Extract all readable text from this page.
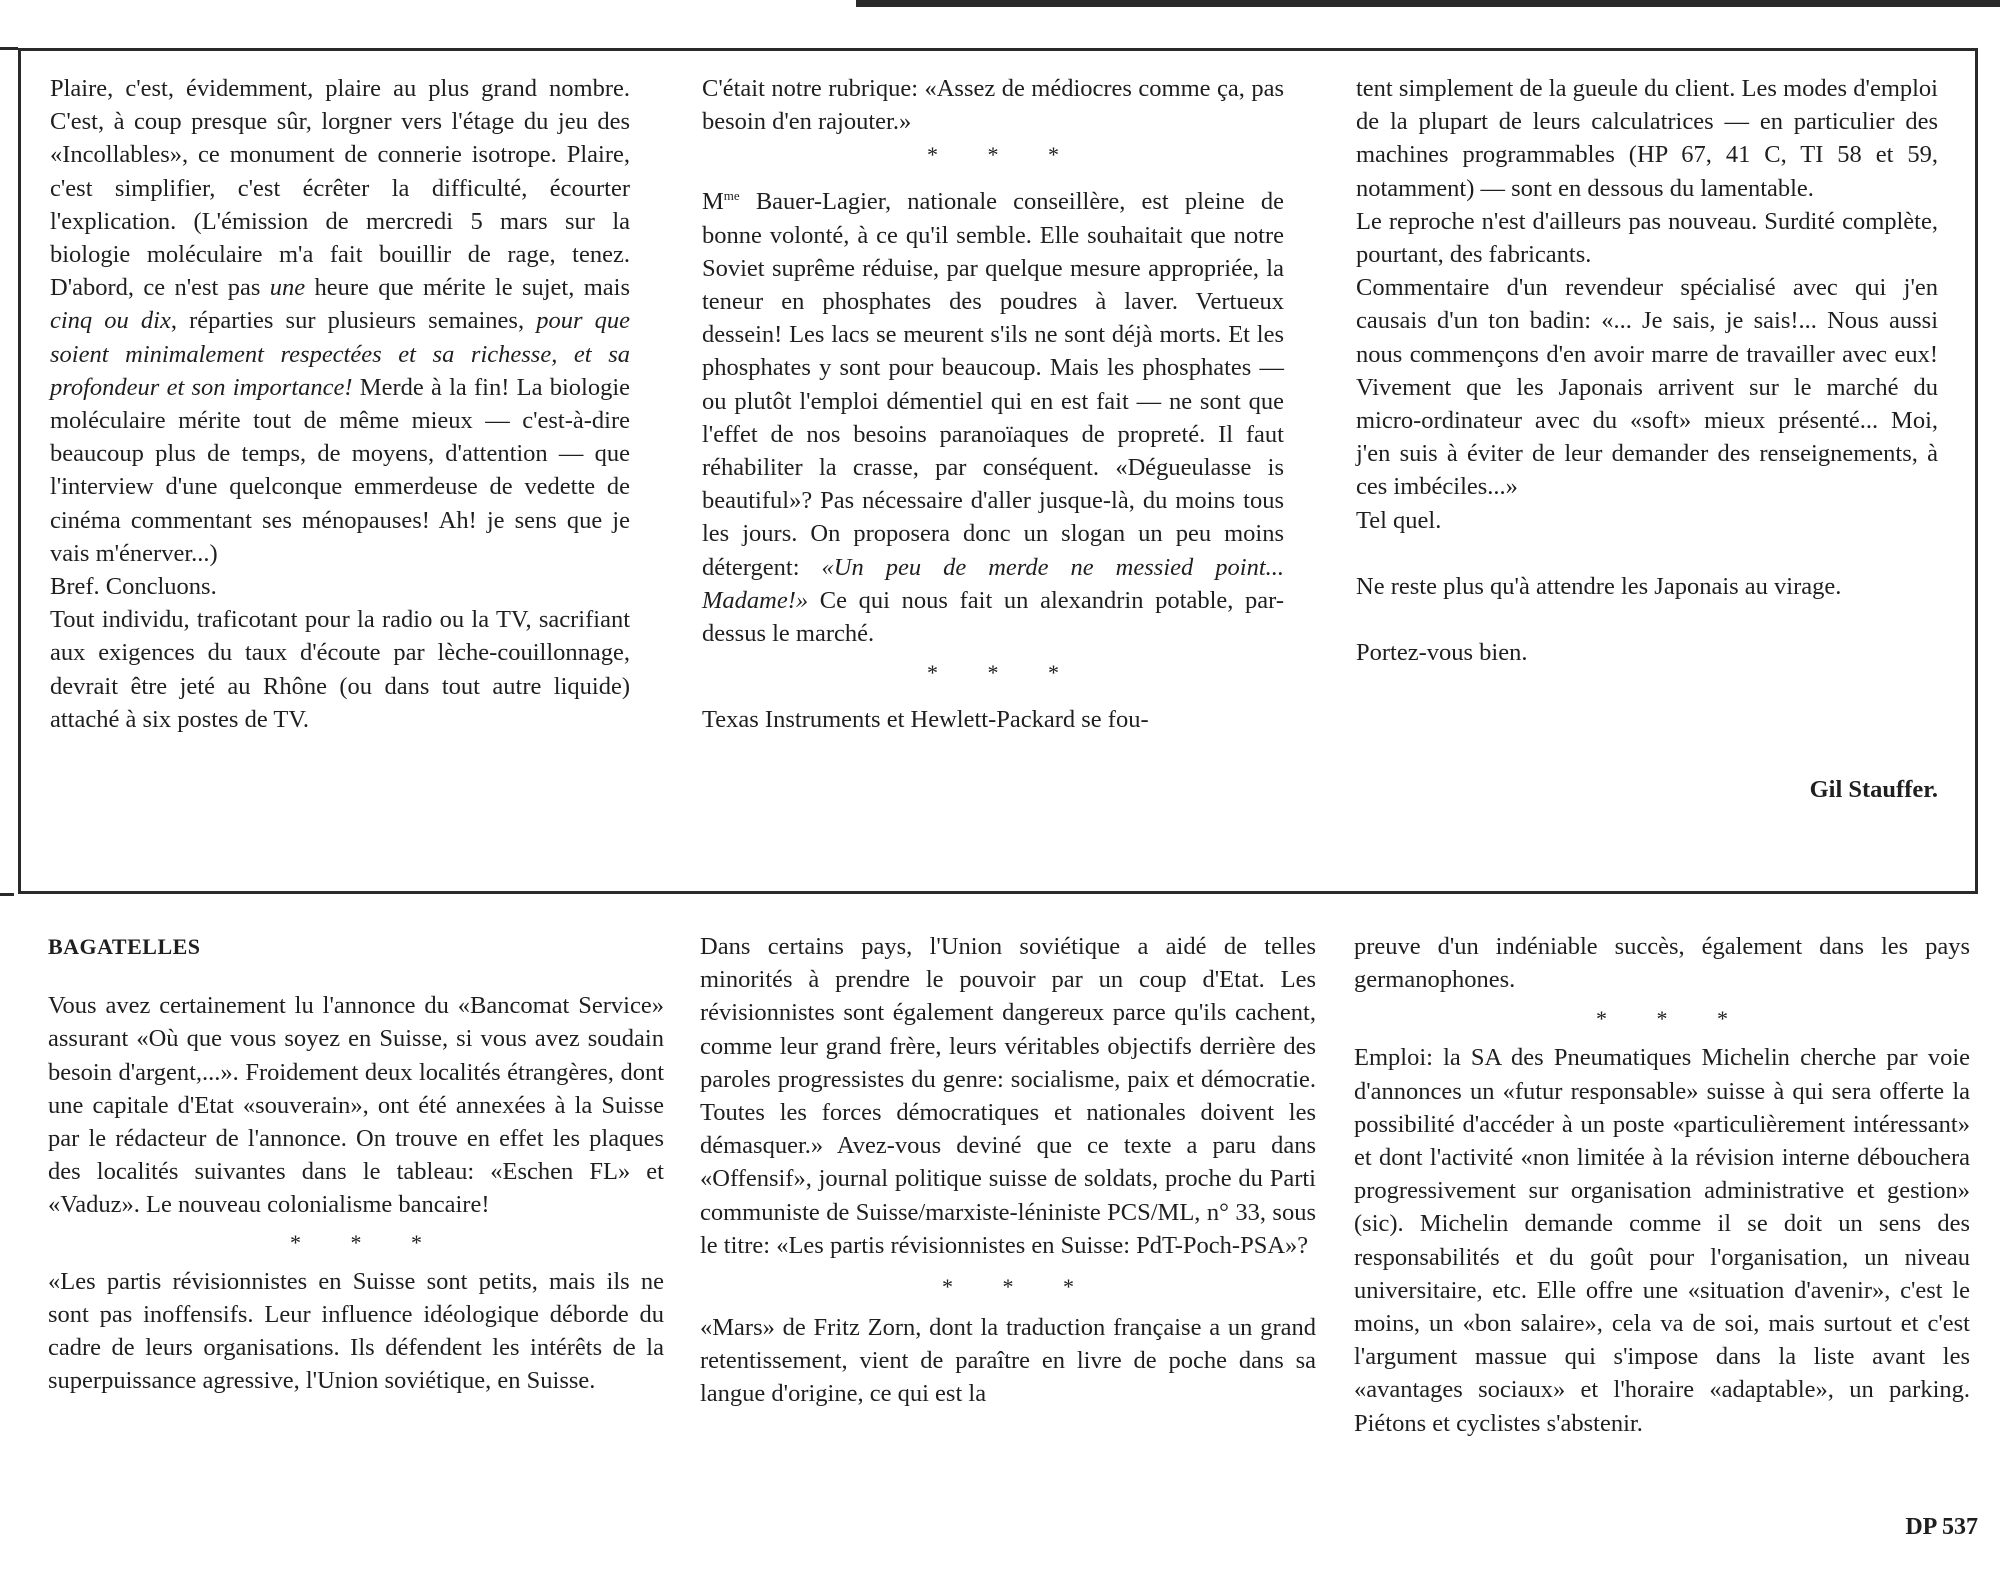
Plaire, c'est, évidemment, plaire au plus grand nombre. C'est, à coup presque sûr, lorgner vers l'étage du jeu des «Incollables», ce monument de connerie isotrope. Plaire, c'est simplifier, c'est écrêter la difficulté, écourter l'explication. (L'émission de mercredi 5 mars sur la biologie moléculaire m'a fait bouillir de rage, tenez. D'abord, ce n'est pas une heure que mérite le sujet, mais cinq ou dix, réparties sur plusieurs semaines, pour que soient minimalement respectées et sa richesse, et sa profondeur et son importance! Merde à la fin! La biologie moléculaire mérite tout de même mieux — c'est-à-dire beaucoup plus de temps, de moyens, d'attention — que l'interview d'une quelconque emmerdeuse de vedette de cinéma commentant ses ménopauses! Ah! je sens que je vais m'énerver...)

Bref. Concluons.

Tout individu, traficotant pour la radio ou la TV, sacrifiant aux exigences du taux d'écoute par lèche-couillonnage, devrait être jeté au Rhône (ou dans tout autre liquide) attaché à six postes de TV.

C'était notre rubrique: «Assez de médiocres comme ça, pas besoin d'en rajouter.»

* * *

$M^{me}$ Bauer-Lagier, nationale conseillère, est pleine de bonne volonté, à ce qu'il semble. Elle souhaitait que notre Soviet suprême réduise, par quelque mesure appropriée, la teneur en phosphates des poudres à laver. Vertueux dessein! Les lacs se meurent s'ils ne sont déjà morts. Et les phosphates y sont pour beaucoup. Mais les phosphates — ou plutôt l'emploi démentiel qui en est fait — ne sont que l'effet de nos besoins paranoïaques de propreté. Il faut réhabiliter la crasse, par conséquent. «Dégueulasse is beautiful»? Pas nécessaire d'aller jusque-là, du moins tous les jours. On proposera donc un slogan un peu moins détergent: «Un peu de merde ne messied point... Madame!» Ce qui nous fait un alexandrin potable, par-dessus le marché.

* * *

Texas Instruments et Hewlett-Packard se fou-

tent simplement de la gueule du client. Les modes d'emploi de la plupart de leurs calculatrices — en particulier des machines programmables (HP 67, 41 C, TI 58 et 59, notamment) — sont en dessous du lamentable.

Le reproche n'est d'ailleurs pas nouveau. Surdité complète, pourtant, des fabricants.

Commentaire d'un revendeur spécialisé avec qui j'en causais d'un ton badin: «... Je sais, je sais!... Nous aussi nous commençons d'en avoir marre de travailler avec eux! Vivement que les Japonais arrivent sur le marché du micro-ordinateur avec du «soft» mieux présenté... Moi, j'en suis à éviter de leur demander des renseignements, à ces imbéciles...»

Tel quel.

Ne reste plus qu'à attendre les Japonais au virage.

Portez-vous bien.

Gil Stauffer.

BAGATELLES

Vous avez certainement lu l'annonce du «Bancomat Service» assurant «Où que vous soyez en Suisse, si vous avez soudain besoin d'argent,...». Froidement deux localités étrangères, dont une capitale d'Etat «souverain», ont été annexées à la Suisse par le rédacteur de l'annonce. On trouve en effet les plaques des localités suivantes dans le tableau: «Eschen FL» et «Vaduz». Le nouveau colonialisme bancaire!

* * *

«Les partis révisionnistes en Suisse sont petits, mais ils ne sont pas inoffensifs. Leur influence idéologique déborde du cadre de leurs organisations. Ils défendent les intérêts de la superpuissance agressive, l'Union soviétique, en Suisse.

Dans certains pays, l'Union soviétique a aidé de telles minorités à prendre le pouvoir par un coup d'Etat. Les révisionnistes sont également dangereux parce qu'ils cachent, comme leur grand frère, leurs véritables objectifs derrière des paroles progressistes du genre: socialisme, paix et démocratie. Toutes les forces démocratiques et nationales doivent les démasquer.» Avez-vous deviné que ce texte a paru dans «Offensif», journal politique suisse de soldats, proche du Parti communiste de Suisse/marxiste-léniniste PCS/ML, n° 33, sous le titre: «Les partis révisionnistes en Suisse: PdT-Poch-PSA»?

* * *

«Mars» de Fritz Zorn, dont la traduction française a un grand retentissement, vient de paraître en livre de poche dans sa langue d'origine, ce qui est la

preuve d'un indéniable succès, également dans les pays germanophones.

* * *

Emploi: la SA des Pneumatiques Michelin cherche par voie d'annonces un «futur responsable» suisse à qui sera offerte la possibilité d'accéder à un poste «particulièrement intéressant» et dont l'activité «non limitée à la révision interne débouchera progressivement sur organisation administrative et gestion» (sic). Michelin demande comme il se doit un sens des responsabilités et du goût pour l'organisation, un niveau universitaire, etc. Elle offre une «situation d'avenir», c'est le moins, un «bon salaire», cela va de soi, mais surtout et c'est l'argument massue qui s'impose dans la liste avant les «avantages sociaux» et l'horaire «adaptable», un parking. Piétons et cyclistes s'abstenir.

DP 537
